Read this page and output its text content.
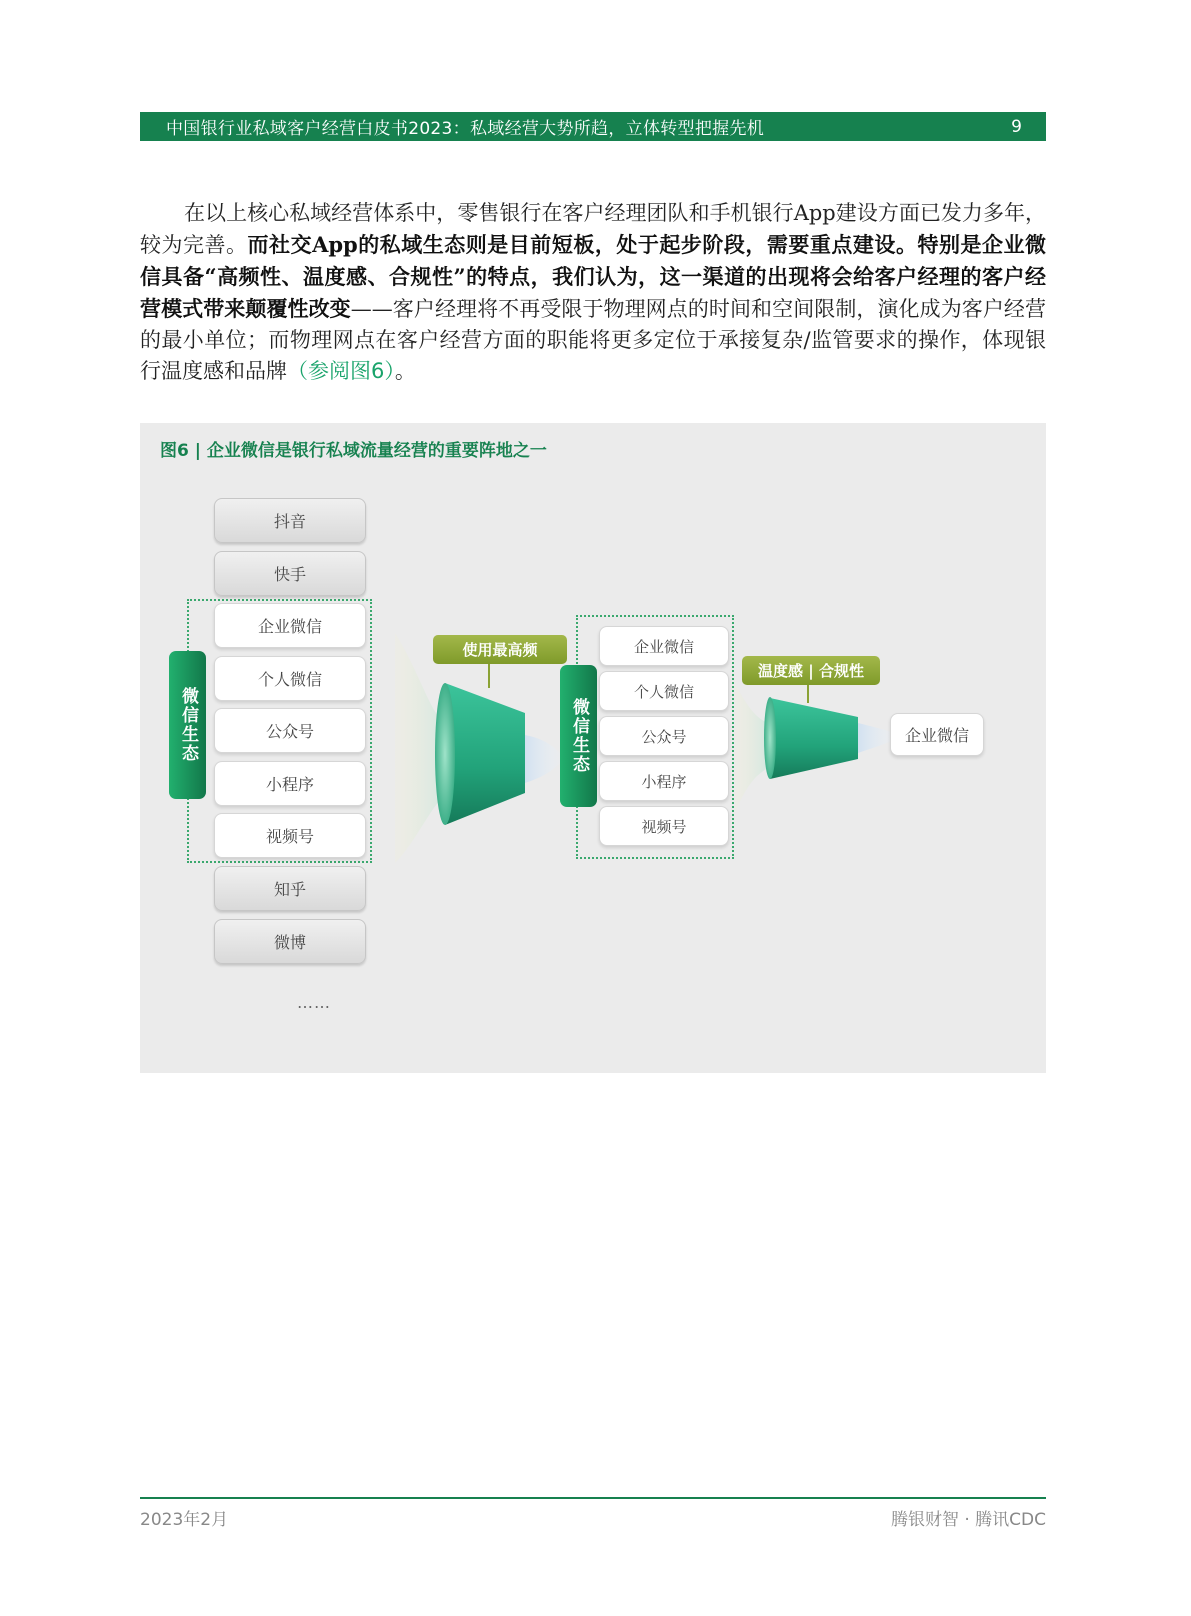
中国银行业私域客户经营白皮书2023：私域经营大势所趋，立体转型把握先机	9
在以上核心私域经营体系中，零售银行在客户经理团队和手机银行App建设方面已发力多年，较为完善。而社交App的私域生态则是目前短板，处于起步阶段，需要重点建设。特别是企业微信具备“高频性、温度感、合规性”的特点，我们认为，这一渠道的出现将会给客户经理的客户经营模式带来颠覆性改变——客户经理将不再受限于物理网点的时间和空间限制，演化成为客户经营的最小单位；而物理网点在客户经营方面的职能将更多定位于承接复杂/监管要求的操作，体现银行温度感和品牌（参阅图6）。
图6 | 企业微信是银行私域流量经营的重要阵地之一
抖音
快手
企业微信
个人微信
公众号
小程序
视频号
知乎
微博
……
微信生态
使用最高频
微信生态
企业微信
个人微信
公众号
小程序
视频号
温度感 | 合规性
企业微信
2023年2月	腾银财智 · 腾讯CDC
